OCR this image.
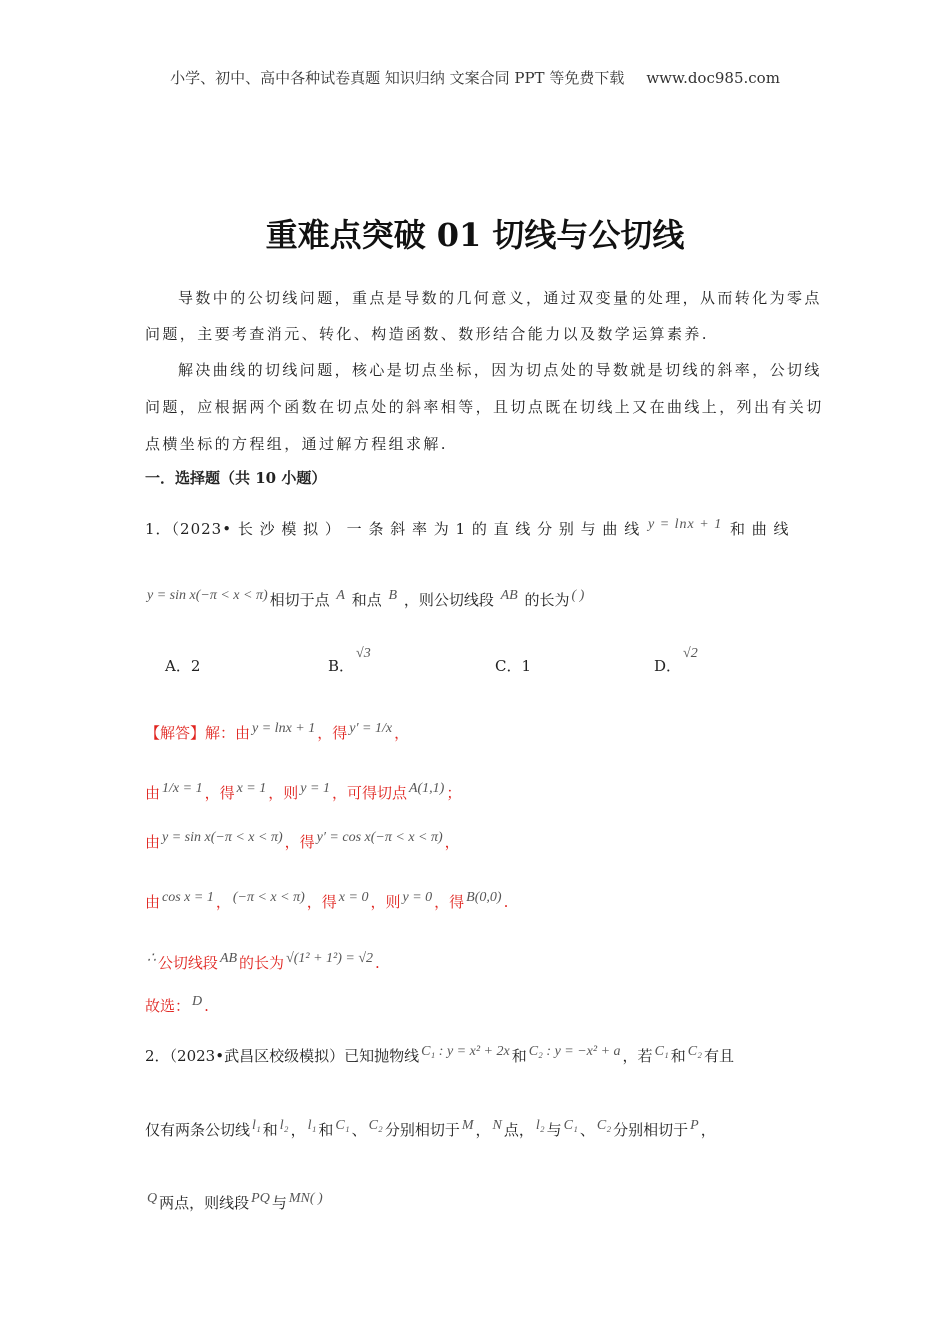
小学、初中、高中各种试卷真题 知识归纳 文案合同 PPT 等免费下载 www.doc985.com
重难点突破 01 切线与公切线
导数中的公切线问题，重点是导数的几何意义，通过双变量的处理，从而转化为零点
问题，主要考查消元、转化、构造函数、数形结合能力以及数学运算素养.
解决曲线的切线问题，核心是切点坐标，因为切点处的导数就是切线的斜率，公切线
问题，应根据两个函数在切点处的斜率相等，且切点既在切线上又在曲线上，列出有关切
点横坐标的方程组，通过解方程组求解.
一．选择题（共 10 小题）
1．（2023• 长 沙 模 拟 ） 一 条 斜 率 为 1 的 直 线 分 别 与 曲 线 y = lnx + 1 和 曲 线
y = sin x(−π < x < π) 相切于点 A 和点 B ，则公切线段 AB 的长为 ( )
【解答】解：由 y = lnx + 1 ，得 y′ = 1/x ，
由 1/x = 1 ，得 x = 1 ，则 y = 1 ，可得切点 A(1,1) ；
由 y = sin x(−π < x < π) ，得 y′ = cos x(−π < x < π) ，
由 cos x = 1 ， (−π < x < π) ，得 x = 0 ，则 y = 0 ，得 B(0,0) .
∴ 公切线段 AB 的长为 √(1² + 1²) = √2 .
故选： D .
2．（2023•武昌区校级模拟）已知抛物线 C₁ : y = x² + 2x 和 C₂ : y = −x² + a ，若 C₁ 和 C₂ 有且
仅有两条公切线 l₁ 和 l₂ ， l₁ 和 C₁ 、 C₂ 分别相切于 M ， N 点， l₂ 与 C₁ 、 C₂ 分别相切于 P ，
Q 两点，则线段 PQ 与 MN( )
A．2	B．√3
C．1	D．√2
